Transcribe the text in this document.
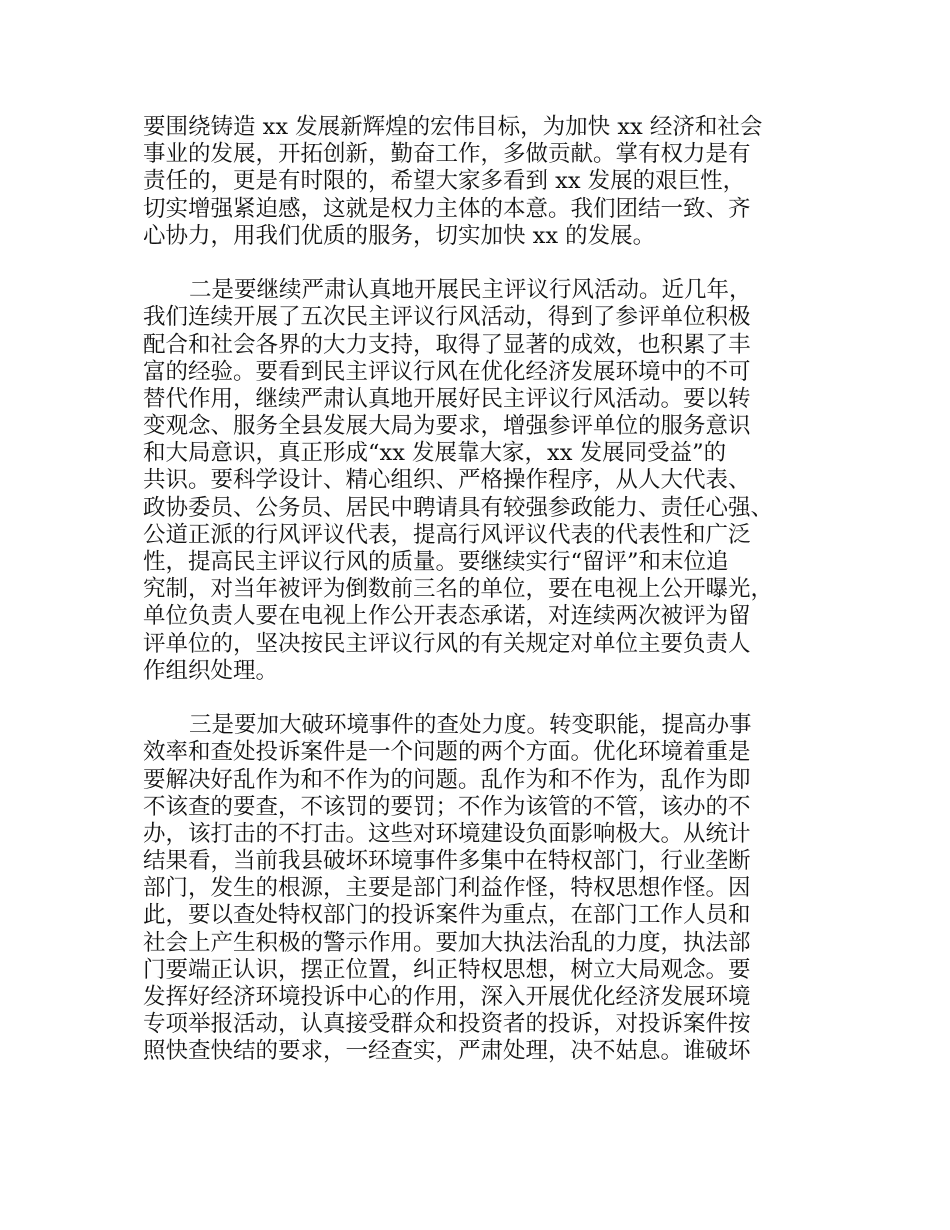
要围绕铸造 xx 发展新辉煌的宏伟目标，为加快 xx 经济和社会
事业的发展，开拓创新，勤奋工作，多做贡献。掌有权力是有
责任的，更是有时限的，希望大家多看到 xx 发展的艰巨性，
切实增强紧迫感，这就是权力主体的本意。我们团结一致、齐
心协力，用我们优质的服务，切实加快 xx 的发展。
二是要继续严肃认真地开展民主评议行风活动。近几年，
我们连续开展了五次民主评议行风活动，得到了参评单位积极
配合和社会各界的大力支持，取得了显著的成效，也积累了丰
富的经验。要看到民主评议行风在优化经济发展环境中的不可
替代作用，继续严肃认真地开展好民主评议行风活动。要以转
变观念、服务全县发展大局为要求，增强参评单位的服务意识
和大局意识，真正形成“xx 发展靠大家，xx 发展同受益”的
共识。要科学设计、精心组织、严格操作程序，从人大代表、
政协委员、公务员、居民中聘请具有较强参政能力、责任心强、
公道正派的行风评议代表，提高行风评议代表的代表性和广泛
性，提高民主评议行风的质量。要继续实行“留评”和末位追
究制，对当年被评为倒数前三名的单位，要在电视上公开曝光，
单位负责人要在电视上作公开表态承诺，对连续两次被评为留
评单位的，坚决按民主评议行风的有关规定对单位主要负责人
作组织处理。
三是要加大破环境事件的查处力度。转变职能，提高办事
效率和查处投诉案件是一个问题的两个方面。优化环境着重是
要解决好乱作为和不作为的问题。乱作为和不作为，乱作为即
不该查的要查，不该罚的要罚；不作为该管的不管，该办的不
办，该打击的不打击。这些对环境建设负面影响极大。从统计
结果看，当前我县破坏环境事件多集中在特权部门，行业垄断
部门，发生的根源，主要是部门利益作怪，特权思想作怪。因
此，要以查处特权部门的投诉案件为重点，在部门工作人员和
社会上产生积极的警示作用。要加大执法治乱的力度，执法部
门要端正认识，摆正位置，纠正特权思想，树立大局观念。要
发挥好经济环境投诉中心的作用，深入开展优化经济发展环境
专项举报活动，认真接受群众和投资者的投诉，对投诉案件按
照快查快结的要求，一经查实，严肃处理，决不姑息。谁破坏
